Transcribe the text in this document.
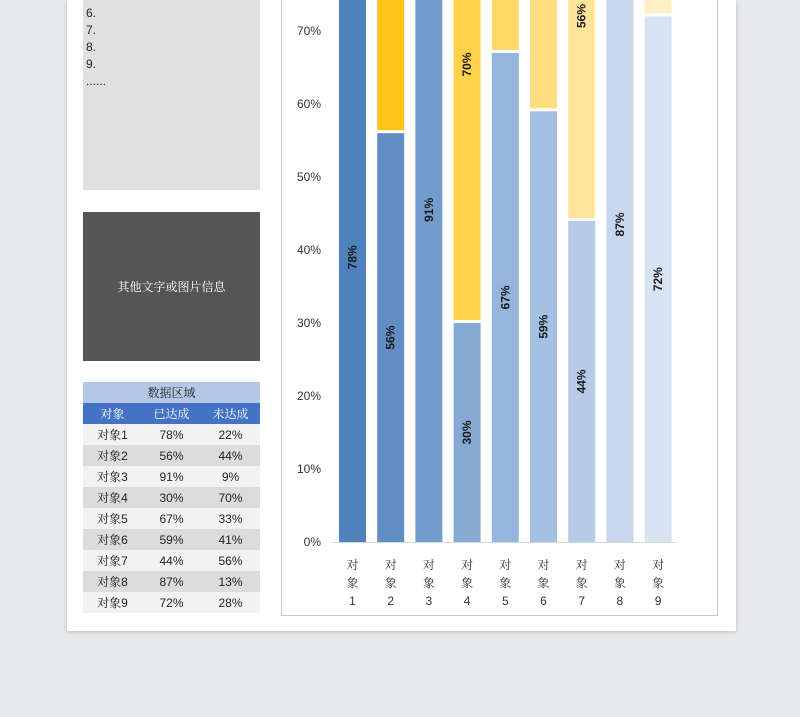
6.
7.
8.
9.
......
其他文字或图片信息
数据区域		
对象	已达成	未达成
对象1	78%	22%
对象2	56%	44%
对象3	91%	9%
对象4	30%	70%
对象5	67%	33%
对象6	59%	41%
对象7	44%	56%
对象8	87%	13%
对象9	72%	28%
0%
10%
20%
30%
40%
50%
60%
70%
78%
对
象
1
56%
对
象
2
91%
对
象
3
30%
70%
对
象
4
67%
对
象
5
59%
对
象
6
44%
56%
对
象
7
87%
对
象
8
72%
对
象
9
